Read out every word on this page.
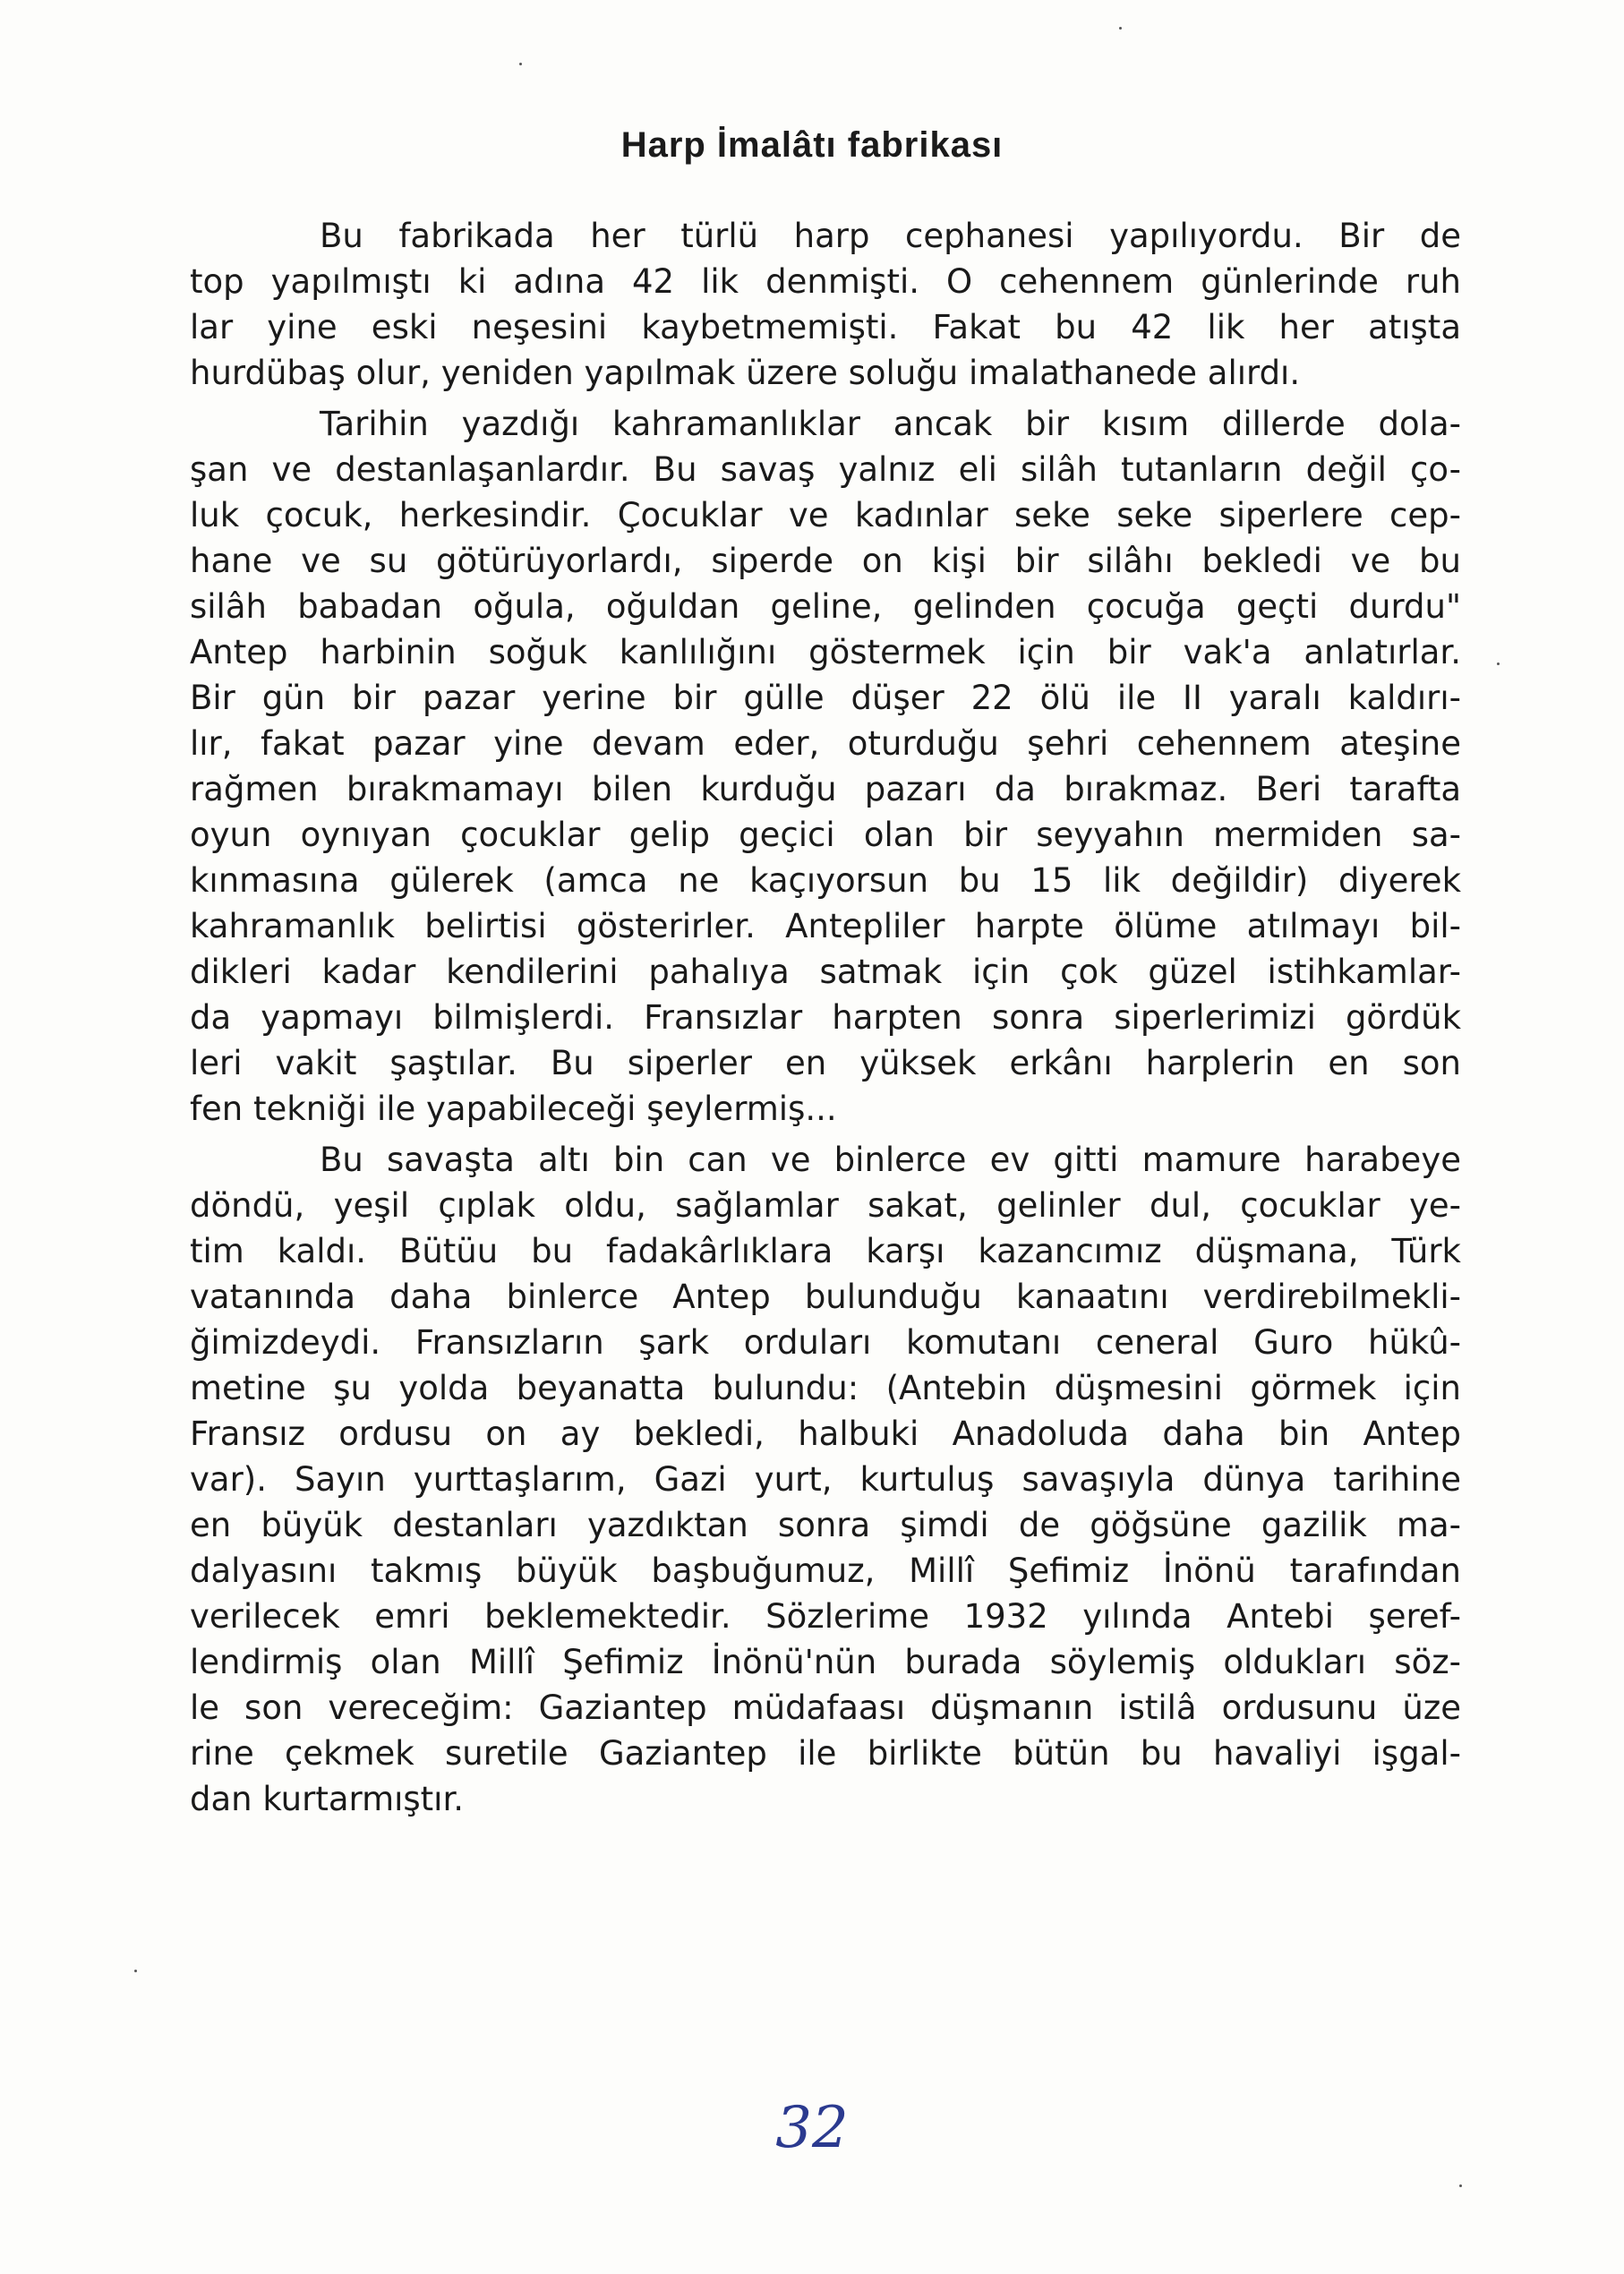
Harp İmalâtı fabrikası
Bu fabrikada her türlü harp cephanesi yapılıyordu. Bir de
top yapılmıştı ki adına 42 lik denmişti. O cehennem günlerinde ruh
lar yine eski neşesini kaybetmemişti. Fakat bu 42 lik her atışta
hurdübaş olur, yeniden yapılmak üzere soluğu imalathanede alırdı.
Tarihin yazdığı kahramanlıklar ancak bir kısım dillerde dola-
şan ve destanlaşanlardır. Bu savaş yalnız eli silâh tutanların değil ço-
luk çocuk, herkesindir. Çocuklar ve kadınlar seke seke siperlere cep-
hane ve su götürüyorlardı, siperde on kişi bir silâhı bekledi ve bu
silâh babadan oğula, oğuldan geline, gelinden çocuğa geçti durdu"
Antep harbinin soğuk kanlılığını göstermek için bir vak'a anlatırlar.
Bir gün bir pazar yerine bir gülle düşer 22 ölü ile II yaralı kaldırı-
lır, fakat pazar yine devam eder, oturduğu şehri cehennem ateşine
rağmen bırakmamayı bilen kurduğu pazarı da bırakmaz. Beri tarafta
oyun oynıyan çocuklar gelip geçici olan bir seyyahın mermiden sa-
kınmasına gülerek (amca ne kaçıyorsun bu 15 lik değildir) diyerek
kahramanlık belirtisi gösterirler. Antepliler harpte ölüme atılmayı bil-
dikleri kadar kendilerini pahalıya satmak için çok güzel istihkamlar-
da yapmayı bilmişlerdi. Fransızlar harpten sonra siperlerimizi gördük
leri vakit şaştılar. Bu siperler en yüksek erkânı harplerin en son
fen tekniği ile yapabileceği şeylermiş...
Bu savaşta altı bin can ve binlerce ev gitti mamure harabeye
döndü, yeşil çıplak oldu, sağlamlar sakat, gelinler dul, çocuklar ye-
tim kaldı. Bütüu bu fadakârlıklara karşı kazancımız düşmana, Türk
vatanında daha binlerce Antep bulunduğu kanaatını verdirebilmekli-
ğimizdeydi. Fransızların şark orduları komutanı ceneral Guro hükû-
metine şu yolda beyanatta bulundu: (Antebin düşmesini görmek için
Fransız ordusu on ay bekledi, halbuki Anadoluda daha bin Antep
var). Sayın yurttaşlarım, Gazi yurt, kurtuluş savaşıyla dünya tarihine
en büyük destanları yazdıktan sonra şimdi de göğsüne gazilik ma-
dalyasını takmış büyük başbuğumuz, Millî Şefimiz İnönü tarafından
verilecek emri beklemektedir. Sözlerime 1932 yılında Antebi şeref-
lendirmiş olan Millî Şefimiz İnönü'nün burada söylemiş oldukları söz-
le son vereceğim: Gaziantep müdafaası düşmanın istilâ ordusunu üze
rine çekmek suretile Gaziantep ile birlikte bütün bu havaliyi işgal-
dan kurtarmıştır.
32
